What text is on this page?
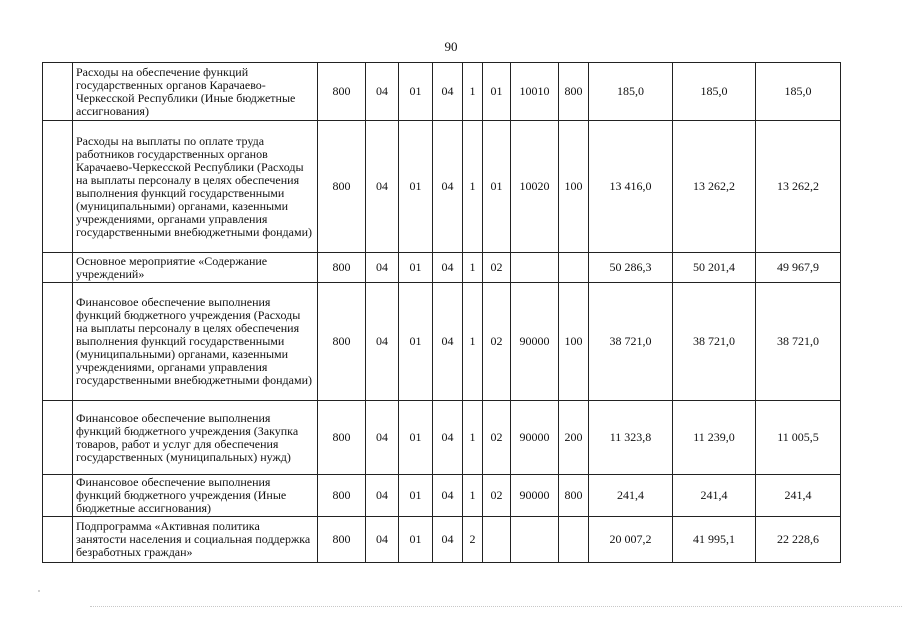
90
	Расходы на обеспечение функций государственных органов Карачаево-Черкесской Республики (Иные бюджетные ассигнования)	800	04	01	04	1	01	10010	800	185,0	185,0	185,0
	Расходы на выплаты по оплате труда работников государственных органов Карачаево-Черкесской Республики (Расходы на выплаты персоналу в целях обеспечения выполнения функций государственными (муниципальными) органами, казенными учреждениями, органами управления государственными внебюджетными фондами)	800	04	01	04	1	01	10020	100	13 416,0	13 262,2	13 262,2
	Основное мероприятие «Содержание учреждений»	800	04	01	04	1	02			50 286,3	50 201,4	49 967,9
	Финансовое обеспечение выполнения функций бюджетного учреждения (Расходы на выплаты персоналу в целях обеспечения выполнения функций государственными (муниципальными) органами, казенными учреждениями, органами управления государственными внебюджетными фондами)	800	04	01	04	1	02	90000	100	38 721,0	38 721,0	38 721,0
	Финансовое обеспечение выполнения функций бюджетного учреждения (Закупка товаров, работ и услуг для обеспечения государственных (муниципальных) нужд)	800	04	01	04	1	02	90000	200	11 323,8	11 239,0	11 005,5
	Финансовое обеспечение выполнения функций бюджетного учреждения (Иные бюджетные ассигнования)	800	04	01	04	1	02	90000	800	241,4	241,4	241,4
	Подпрограмма «Активная политика занятости населения и социальная поддержка безработных граждан»	800	04	01	04	2				20 007,2	41 995,1	22 228,6
